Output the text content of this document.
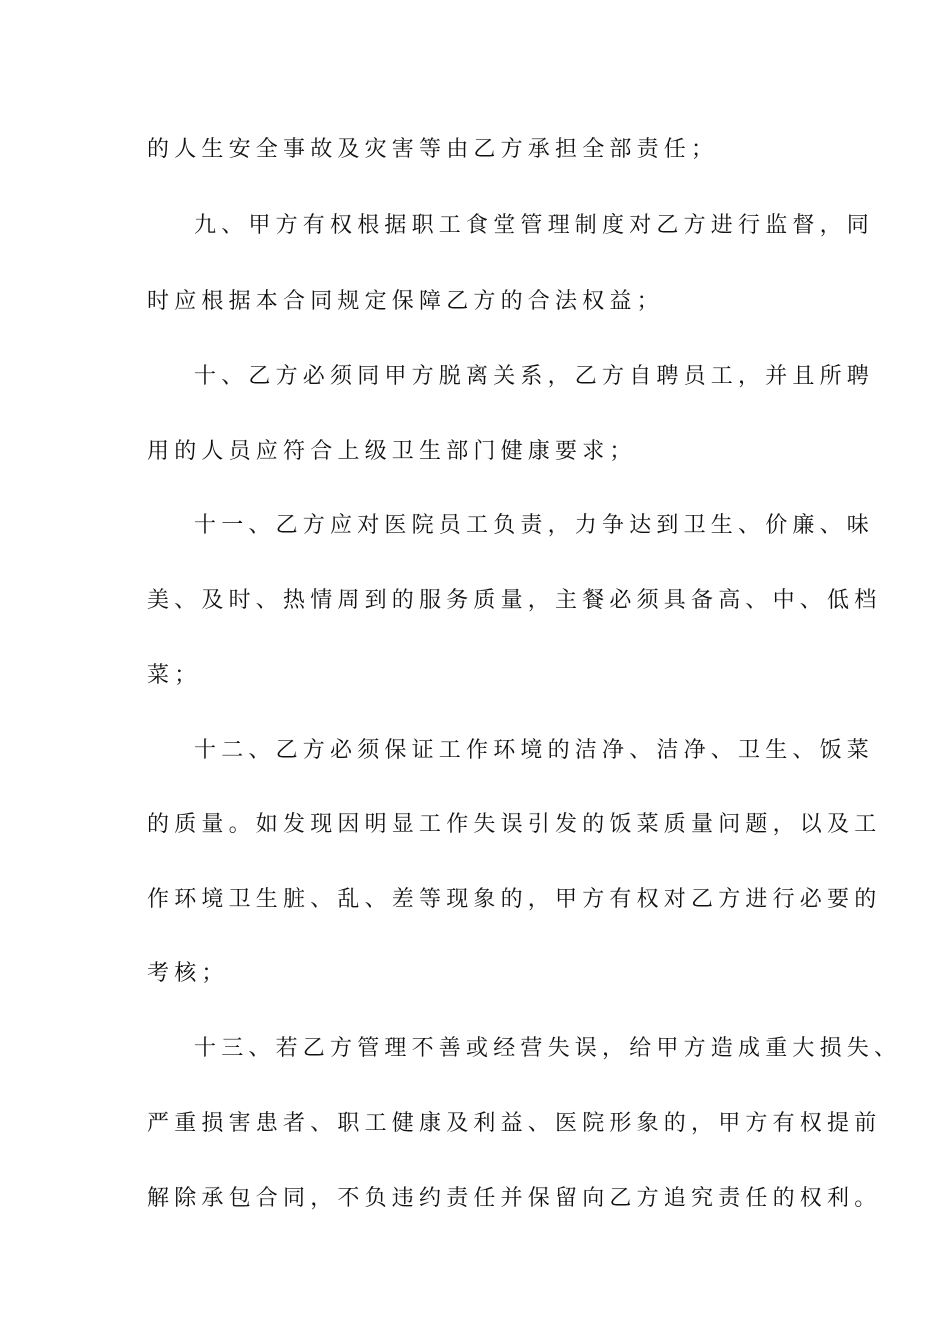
的人生安全事故及灾害等由乙方承担全部责任；
九、甲方有权根据职工食堂管理制度对乙方进行监督，同
时应根据本合同规定保障乙方的合法权益；
十、乙方必须同甲方脱离关系，乙方自聘员工，并且所聘
用的人员应符合上级卫生部门健康要求；
十一、乙方应对医院员工负责，力争达到卫生、价廉、味
美、及时、热情周到的服务质量，主餐必须具备高、中、低档
菜；
十二、乙方必须保证工作环境的洁净、洁净、卫生、饭菜
的质量。如发现因明显工作失误引发的饭菜质量问题，以及工
作环境卫生脏、乱、差等现象的，甲方有权对乙方进行必要的
考核；
十三、若乙方管理不善或经营失误，给甲方造成重大损失、
严重损害患者、职工健康及利益、医院形象的，甲方有权提前
解除承包合同，不负违约责任并保留向乙方追究责任的权利。
